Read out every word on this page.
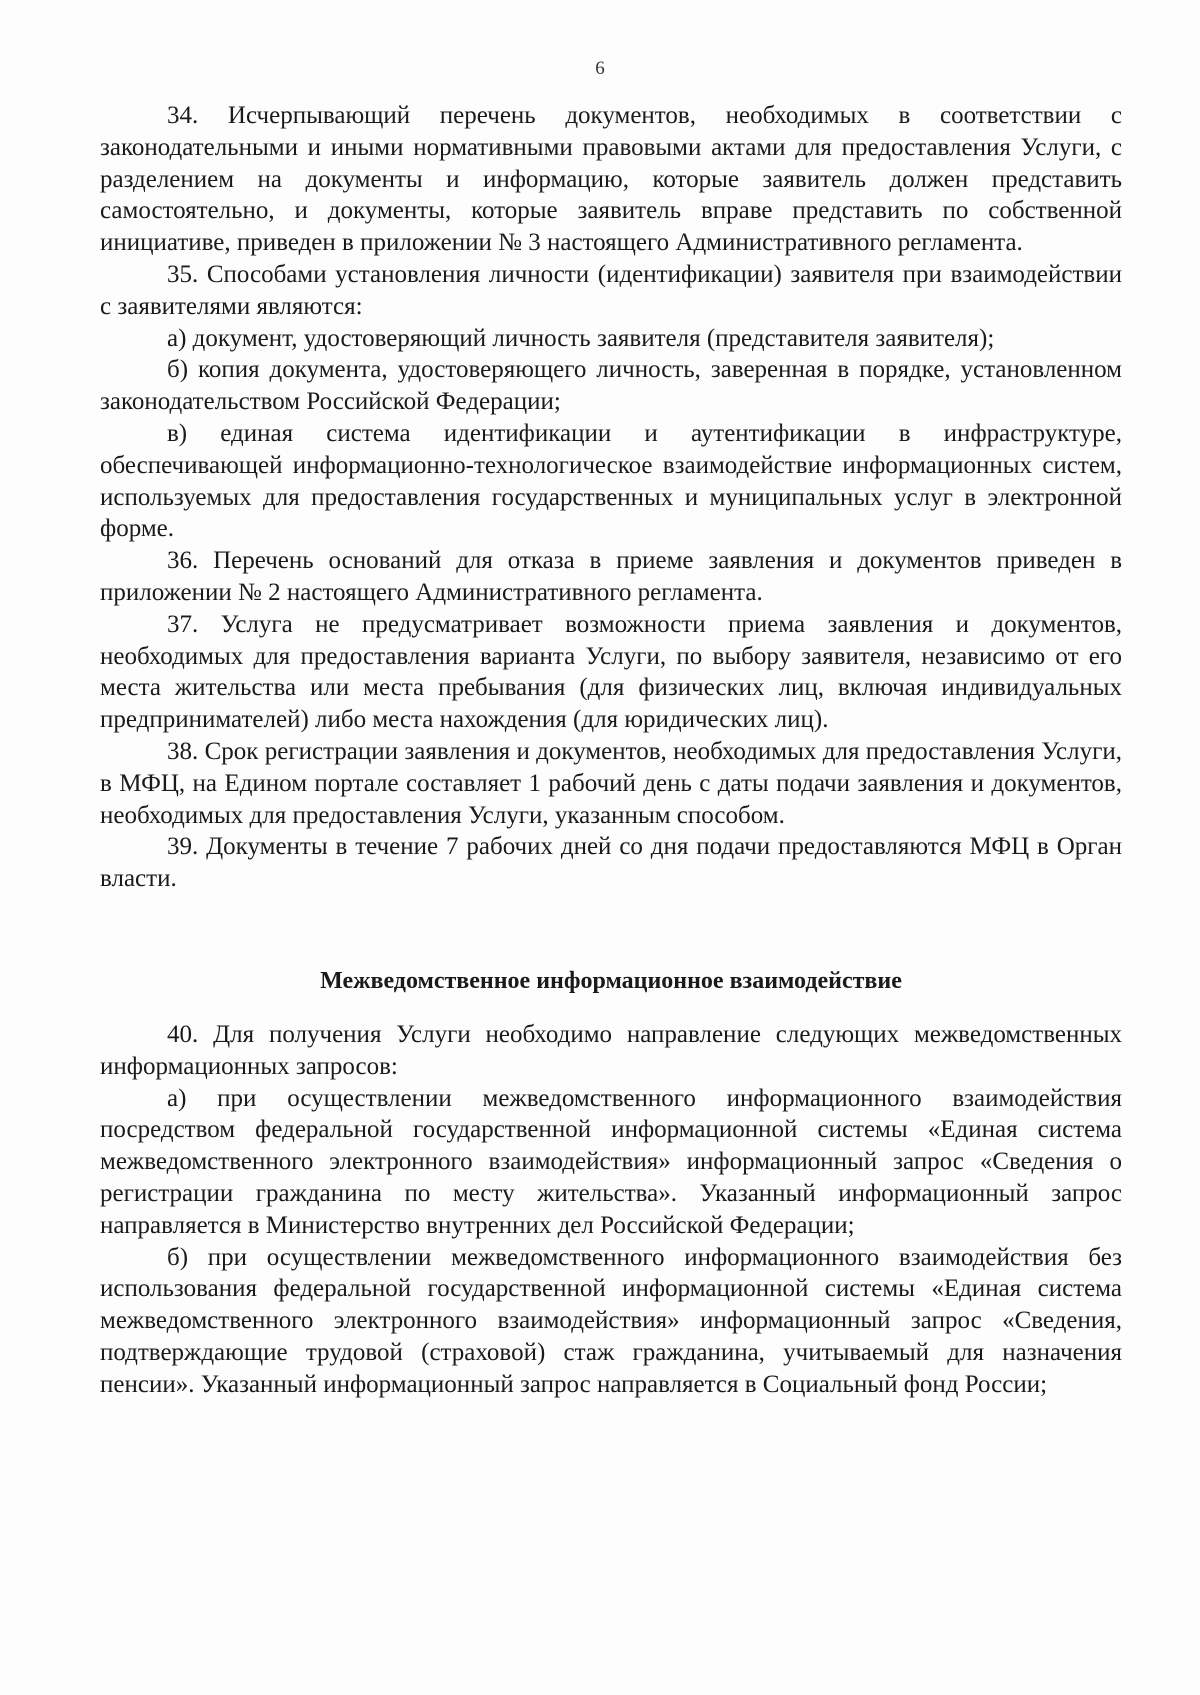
6

34. Исчерпывающий перечень документов, необходимых в соответствии с законодательными и иными нормативными правовыми актами для предоставления Услуги, с разделением на документы и информацию, которые заявитель должен представить самостоятельно, и документы, которые заявитель вправе представить по собственной инициативе, приведен в приложении № 3 настоящего Административного регламента.

35. Способами установления личности (идентификации) заявителя при взаимодействии с заявителями являются:

а) документ, удостоверяющий личность заявителя (представителя заявителя);

б) копия документа, удостоверяющего личность, заверенная в порядке, установленном законодательством Российской Федерации;

в) единая система идентификации и аутентификации в инфраструктуре, обеспечивающей информационно-технологическое взаимодействие информационных систем, используемых для предоставления государственных и муниципальных услуг в электронной форме.

36. Перечень оснований для отказа в приеме заявления и документов приведен в приложении № 2 настоящего Административного регламента.

37. Услуга не предусматривает возможности приема заявления и документов, необходимых для предоставления варианта Услуги, по выбору заявителя, независимо от его места жительства или места пребывания (для физических лиц, включая индивидуальных предпринимателей) либо места нахождения (для юридических лиц).

38. Срок регистрации заявления и документов, необходимых для предоставления Услуги, в МФЦ, на Едином портале составляет 1 рабочий день с даты подачи заявления и документов, необходимых для предоставления Услуги, указанным способом.

39. Документы в течение 7 рабочих дней со дня подачи предоставляются МФЦ в Орган власти.

Межведомственное информационное взаимодействие

40. Для получения Услуги необходимо направление следующих межведомственных информационных запросов:

а) при осуществлении межведомственного информационного взаимодействия посредством федеральной государственной информационной системы «Единая система межведомственного электронного взаимодействия» информационный запрос «Сведения о регистрации гражданина по месту жительства». Указанный информационный запрос направляется в Министерство внутренних дел Российской Федерации;

б) при осуществлении межведомственного информационного взаимодействия без использования федеральной государственной информационной системы «Единая система межведомственного электронного взаимодействия» информационный запрос «Сведения, подтверждающие трудовой (страховой) стаж гражданина, учитываемый для назначения пенсии». Указанный информационный запрос направляется в Социальный фонд России;
